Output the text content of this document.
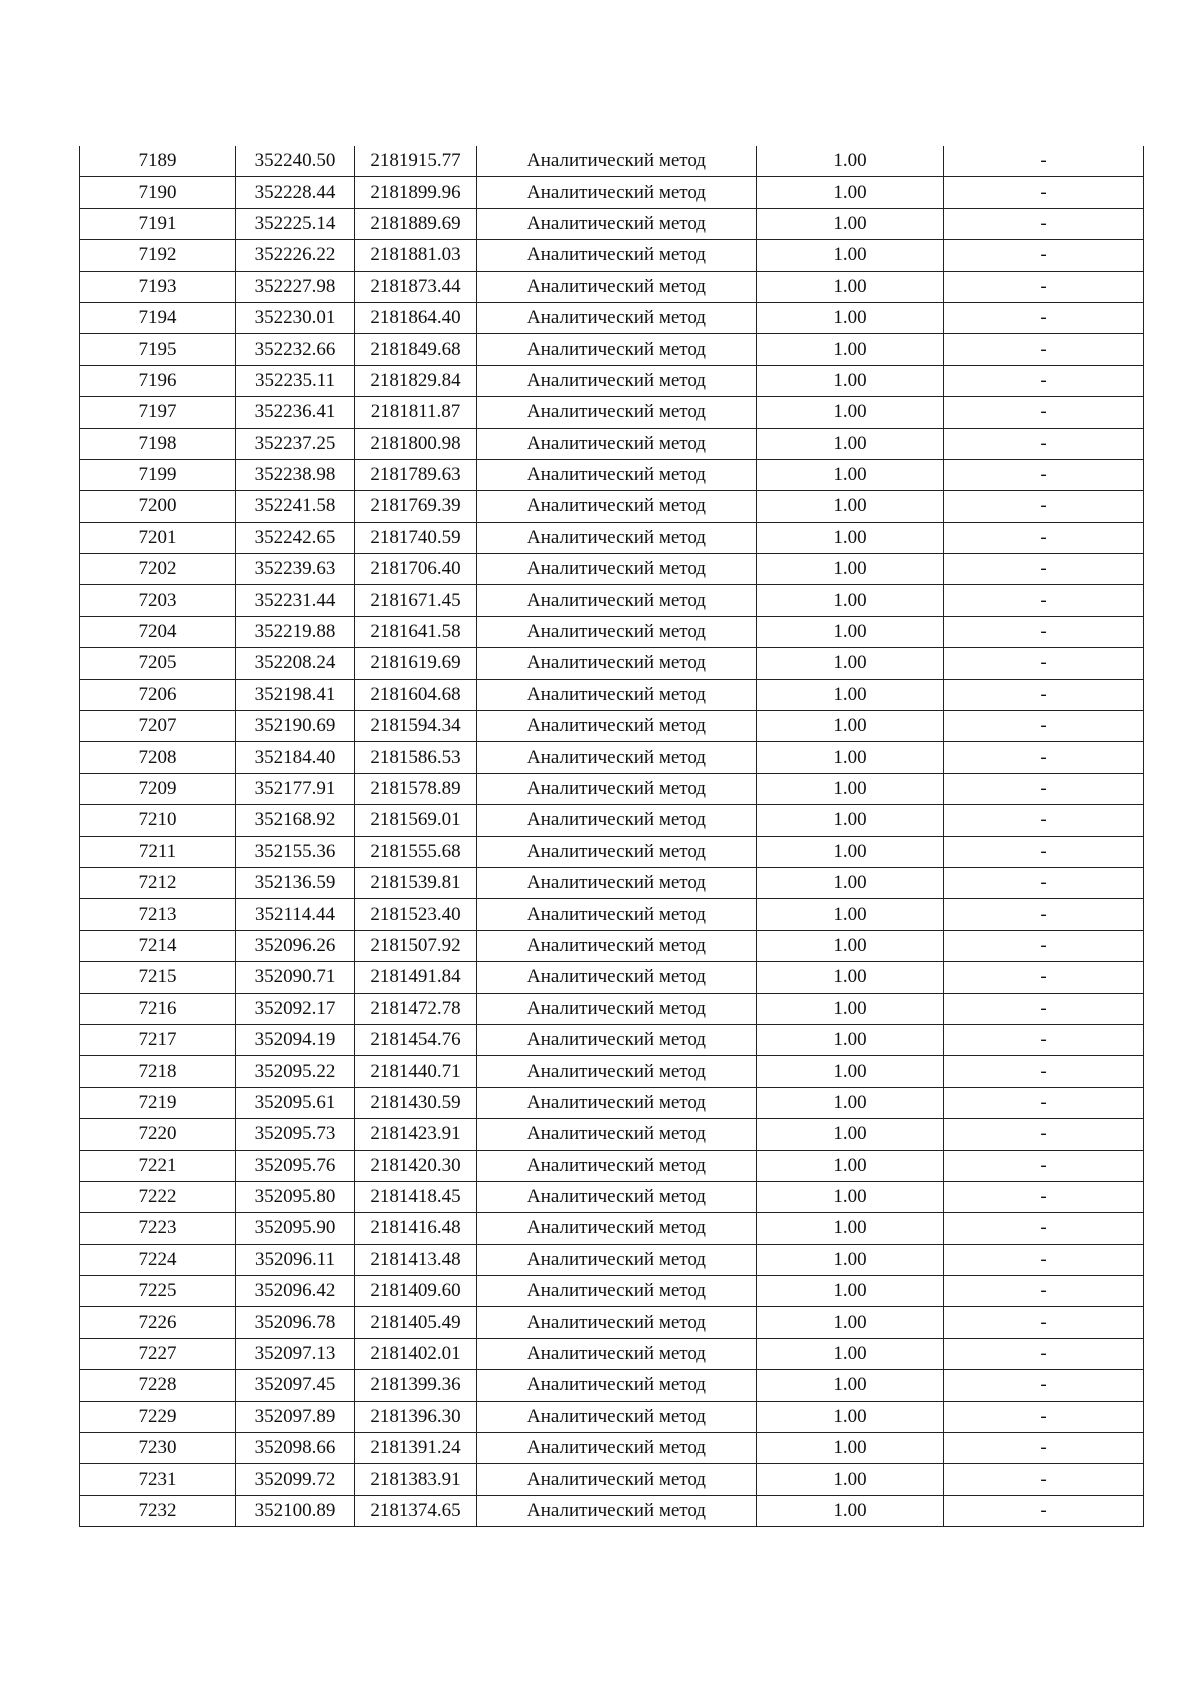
7189	352240.50	2181915.77	Аналитический метод	1.00	-
7190	352228.44	2181899.96	Аналитический метод	1.00	-
7191	352225.14	2181889.69	Аналитический метод	1.00	-
7192	352226.22	2181881.03	Аналитический метод	1.00	-
7193	352227.98	2181873.44	Аналитический метод	1.00	-
7194	352230.01	2181864.40	Аналитический метод	1.00	-
7195	352232.66	2181849.68	Аналитический метод	1.00	-
7196	352235.11	2181829.84	Аналитический метод	1.00	-
7197	352236.41	2181811.87	Аналитический метод	1.00	-
7198	352237.25	2181800.98	Аналитический метод	1.00	-
7199	352238.98	2181789.63	Аналитический метод	1.00	-
7200	352241.58	2181769.39	Аналитический метод	1.00	-
7201	352242.65	2181740.59	Аналитический метод	1.00	-
7202	352239.63	2181706.40	Аналитический метод	1.00	-
7203	352231.44	2181671.45	Аналитический метод	1.00	-
7204	352219.88	2181641.58	Аналитический метод	1.00	-
7205	352208.24	2181619.69	Аналитический метод	1.00	-
7206	352198.41	2181604.68	Аналитический метод	1.00	-
7207	352190.69	2181594.34	Аналитический метод	1.00	-
7208	352184.40	2181586.53	Аналитический метод	1.00	-
7209	352177.91	2181578.89	Аналитический метод	1.00	-
7210	352168.92	2181569.01	Аналитический метод	1.00	-
7211	352155.36	2181555.68	Аналитический метод	1.00	-
7212	352136.59	2181539.81	Аналитический метод	1.00	-
7213	352114.44	2181523.40	Аналитический метод	1.00	-
7214	352096.26	2181507.92	Аналитический метод	1.00	-
7215	352090.71	2181491.84	Аналитический метод	1.00	-
7216	352092.17	2181472.78	Аналитический метод	1.00	-
7217	352094.19	2181454.76	Аналитический метод	1.00	-
7218	352095.22	2181440.71	Аналитический метод	1.00	-
7219	352095.61	2181430.59	Аналитический метод	1.00	-
7220	352095.73	2181423.91	Аналитический метод	1.00	-
7221	352095.76	2181420.30	Аналитический метод	1.00	-
7222	352095.80	2181418.45	Аналитический метод	1.00	-
7223	352095.90	2181416.48	Аналитический метод	1.00	-
7224	352096.11	2181413.48	Аналитический метод	1.00	-
7225	352096.42	2181409.60	Аналитический метод	1.00	-
7226	352096.78	2181405.49	Аналитический метод	1.00	-
7227	352097.13	2181402.01	Аналитический метод	1.00	-
7228	352097.45	2181399.36	Аналитический метод	1.00	-
7229	352097.89	2181396.30	Аналитический метод	1.00	-
7230	352098.66	2181391.24	Аналитический метод	1.00	-
7231	352099.72	2181383.91	Аналитический метод	1.00	-
7232	352100.89	2181374.65	Аналитический метод	1.00	-
